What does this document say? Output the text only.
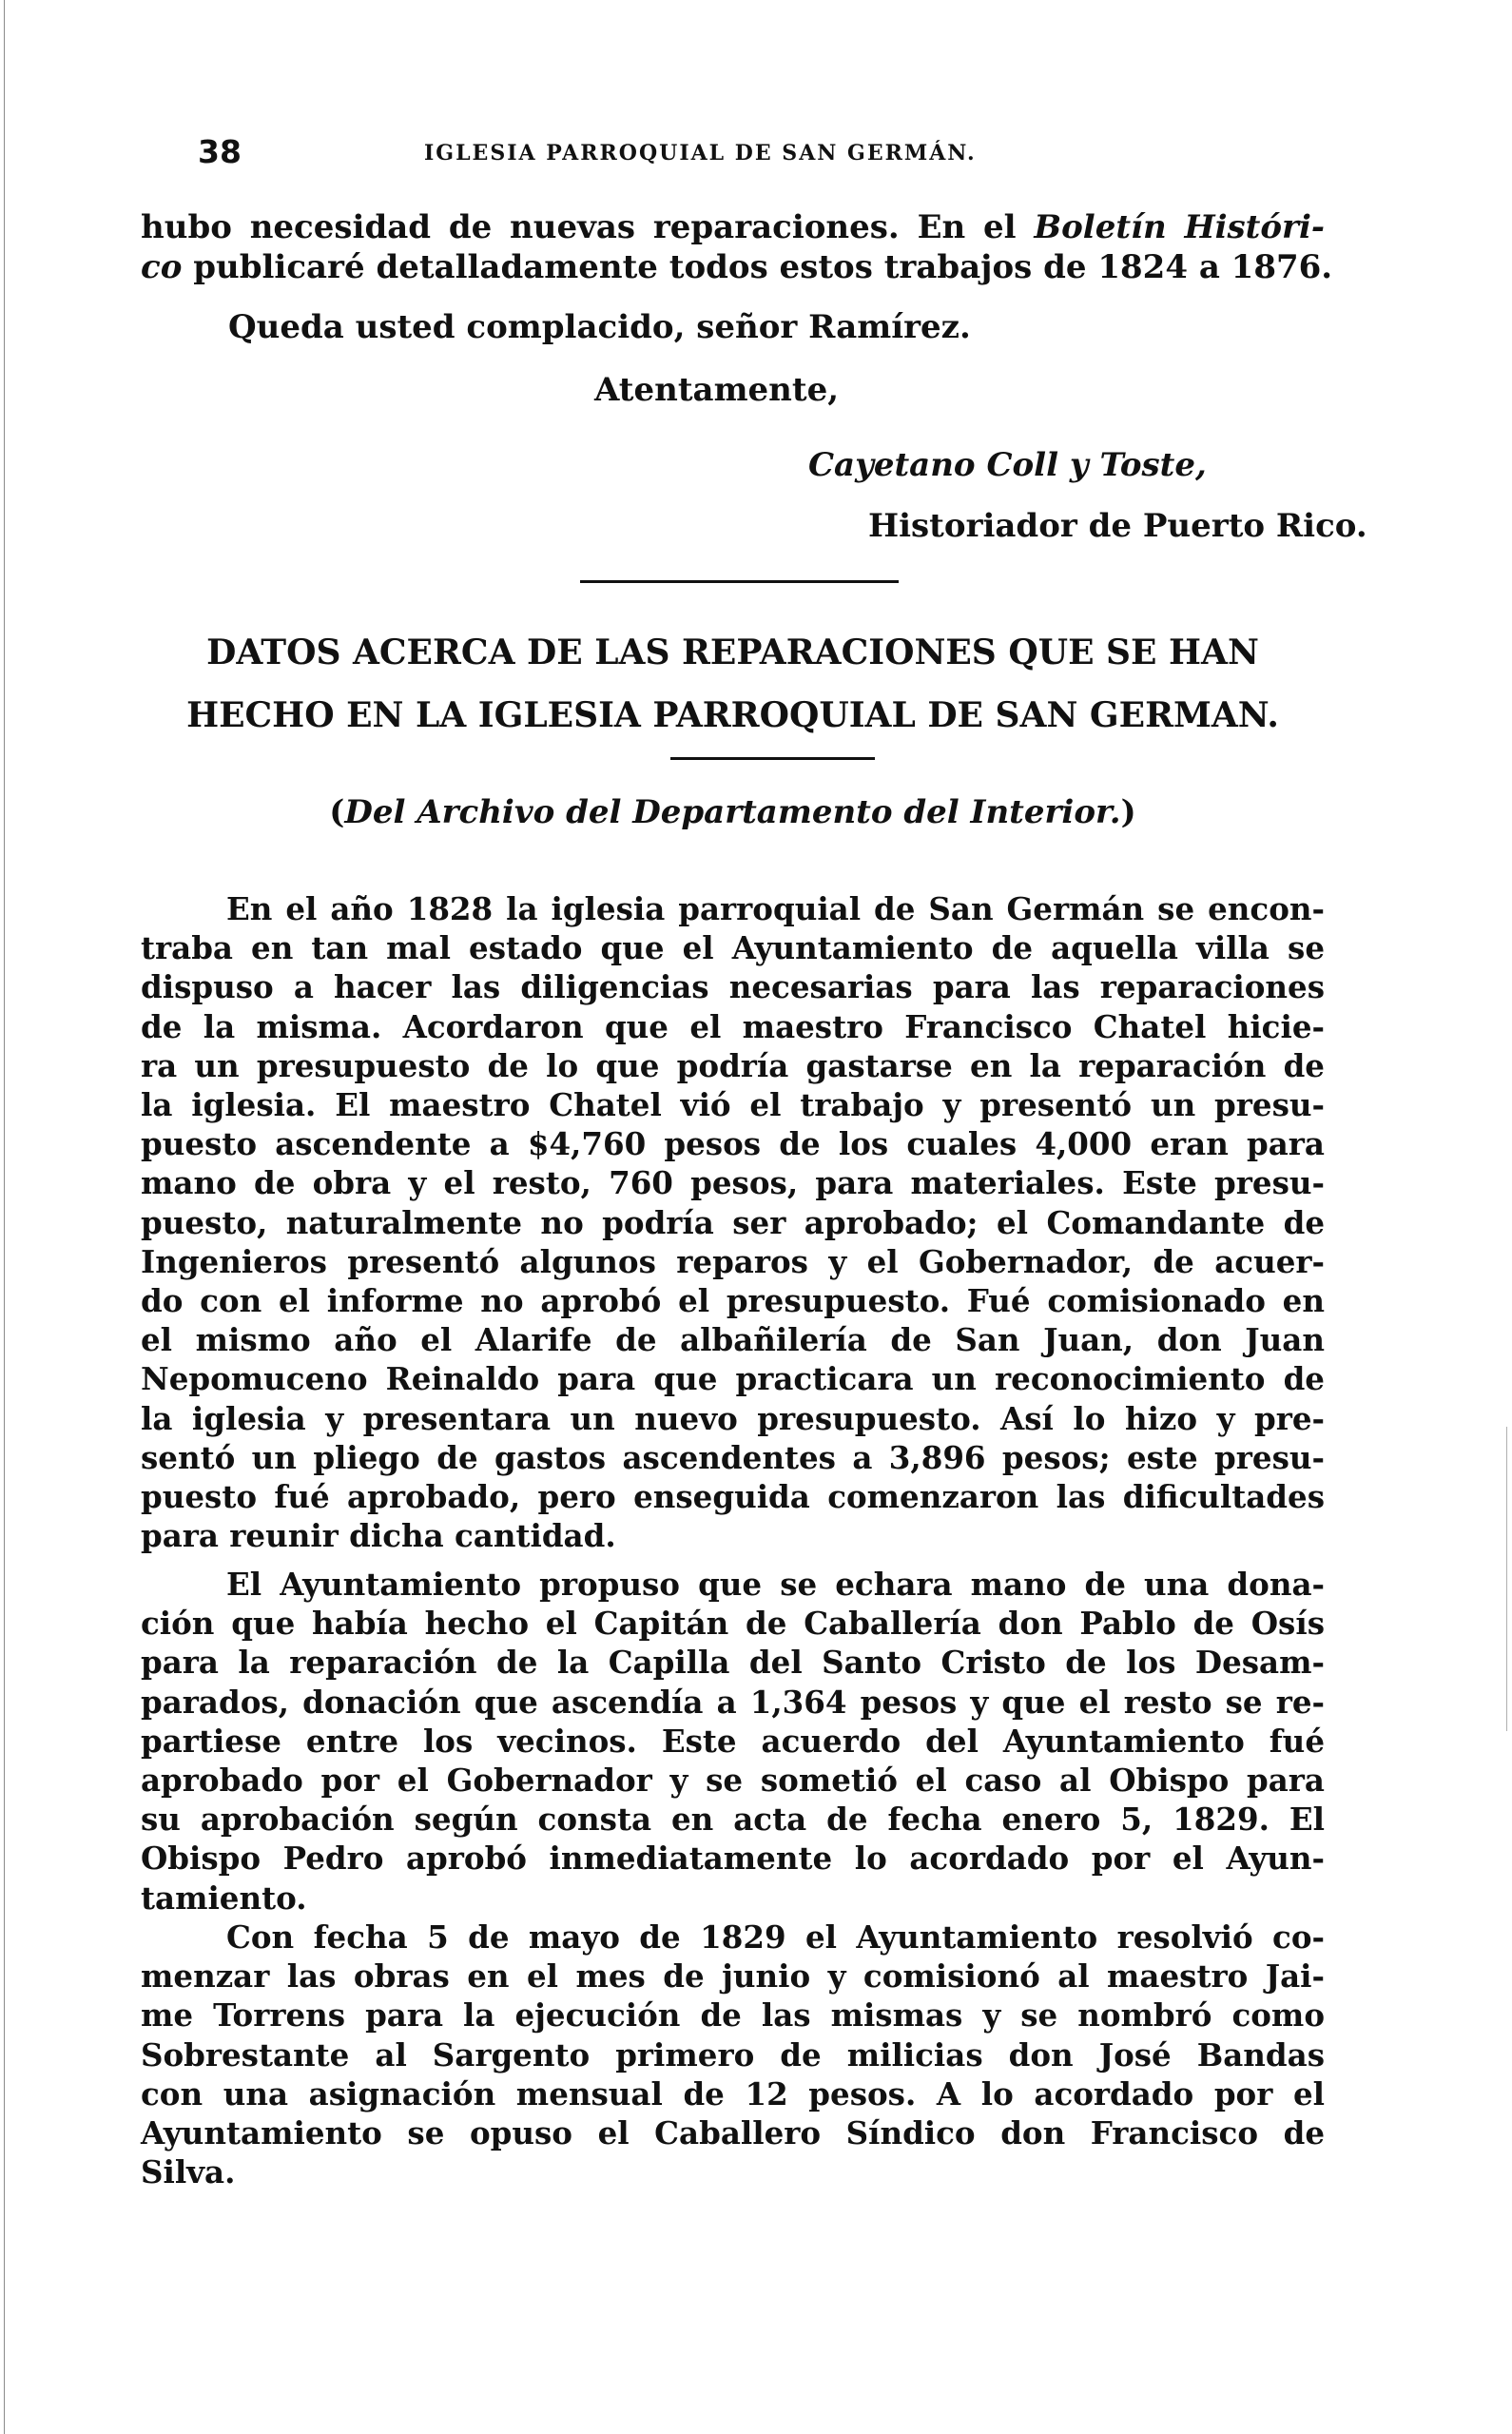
38	IGLESIA PARROQUIAL DE SAN GERMÁN.
hubo necesidad de nuevas reparaciones. En el Boletín Históri-
co publicaré detalladamente todos estos trabajos de 1824 a 1876.
Queda usted complacido, señor Ramírez.
Atentamente,
Cayetano Coll y Toste,
Historiador de Puerto Rico.
DATOS ACERCA DE LAS REPARACIONES QUE SE HAN
HECHO EN LA IGLESIA PARROQUIAL DE SAN GERMAN.
(Del Archivo del Departamento del Interior.)
En el año 1828 la iglesia parroquial de San Germán se encon-
traba en tan mal estado que el Ayuntamiento de aquella villa se
dispuso a hacer las diligencias necesarias para las reparaciones
de la misma. Acordaron que el maestro Francisco Chatel hicie-
ra un presupuesto de lo que podría gastarse en la reparación de
la iglesia. El maestro Chatel vió el trabajo y presentó un presu-
puesto ascendente a $4,760 pesos de los cuales 4,000 eran para
mano de obra y el resto, 760 pesos, para materiales. Este presu-
puesto, naturalmente no podría ser aprobado; el Comandante de
Ingenieros presentó algunos reparos y el Gobernador, de acuer-
do con el informe no aprobó el presupuesto. Fué comisionado en
el mismo año el Alarife de albañilería de San Juan, don Juan
Nepomuceno Reinaldo para que practicara un reconocimiento de
la iglesia y presentara un nuevo presupuesto. Así lo hizo y pre-
sentó un pliego de gastos ascendentes a 3,896 pesos; este presu-
puesto fué aprobado, pero enseguida comenzaron las dificultades
para reunir dicha cantidad.
El Ayuntamiento propuso que se echara mano de una dona-
ción que había hecho el Capitán de Caballería don Pablo de Osís
para la reparación de la Capilla del Santo Cristo de los Desam-
parados, donación que ascendía a 1,364 pesos y que el resto se re-
partiese entre los vecinos. Este acuerdo del Ayuntamiento fué
aprobado por el Gobernador y se sometió el caso al Obispo para
su aprobación según consta en acta de fecha enero 5, 1829. El
Obispo Pedro aprobó inmediatamente lo acordado por el Ayun-
tamiento.
Con fecha 5 de mayo de 1829 el Ayuntamiento resolvió co-
menzar las obras en el mes de junio y comisionó al maestro Jai-
me Torrens para la ejecución de las mismas y se nombró como
Sobrestante al Sargento primero de milicias don José Bandas
con una asignación mensual de 12 pesos. A lo acordado por el
Ayuntamiento se opuso el Caballero Síndico don Francisco de
Silva.
